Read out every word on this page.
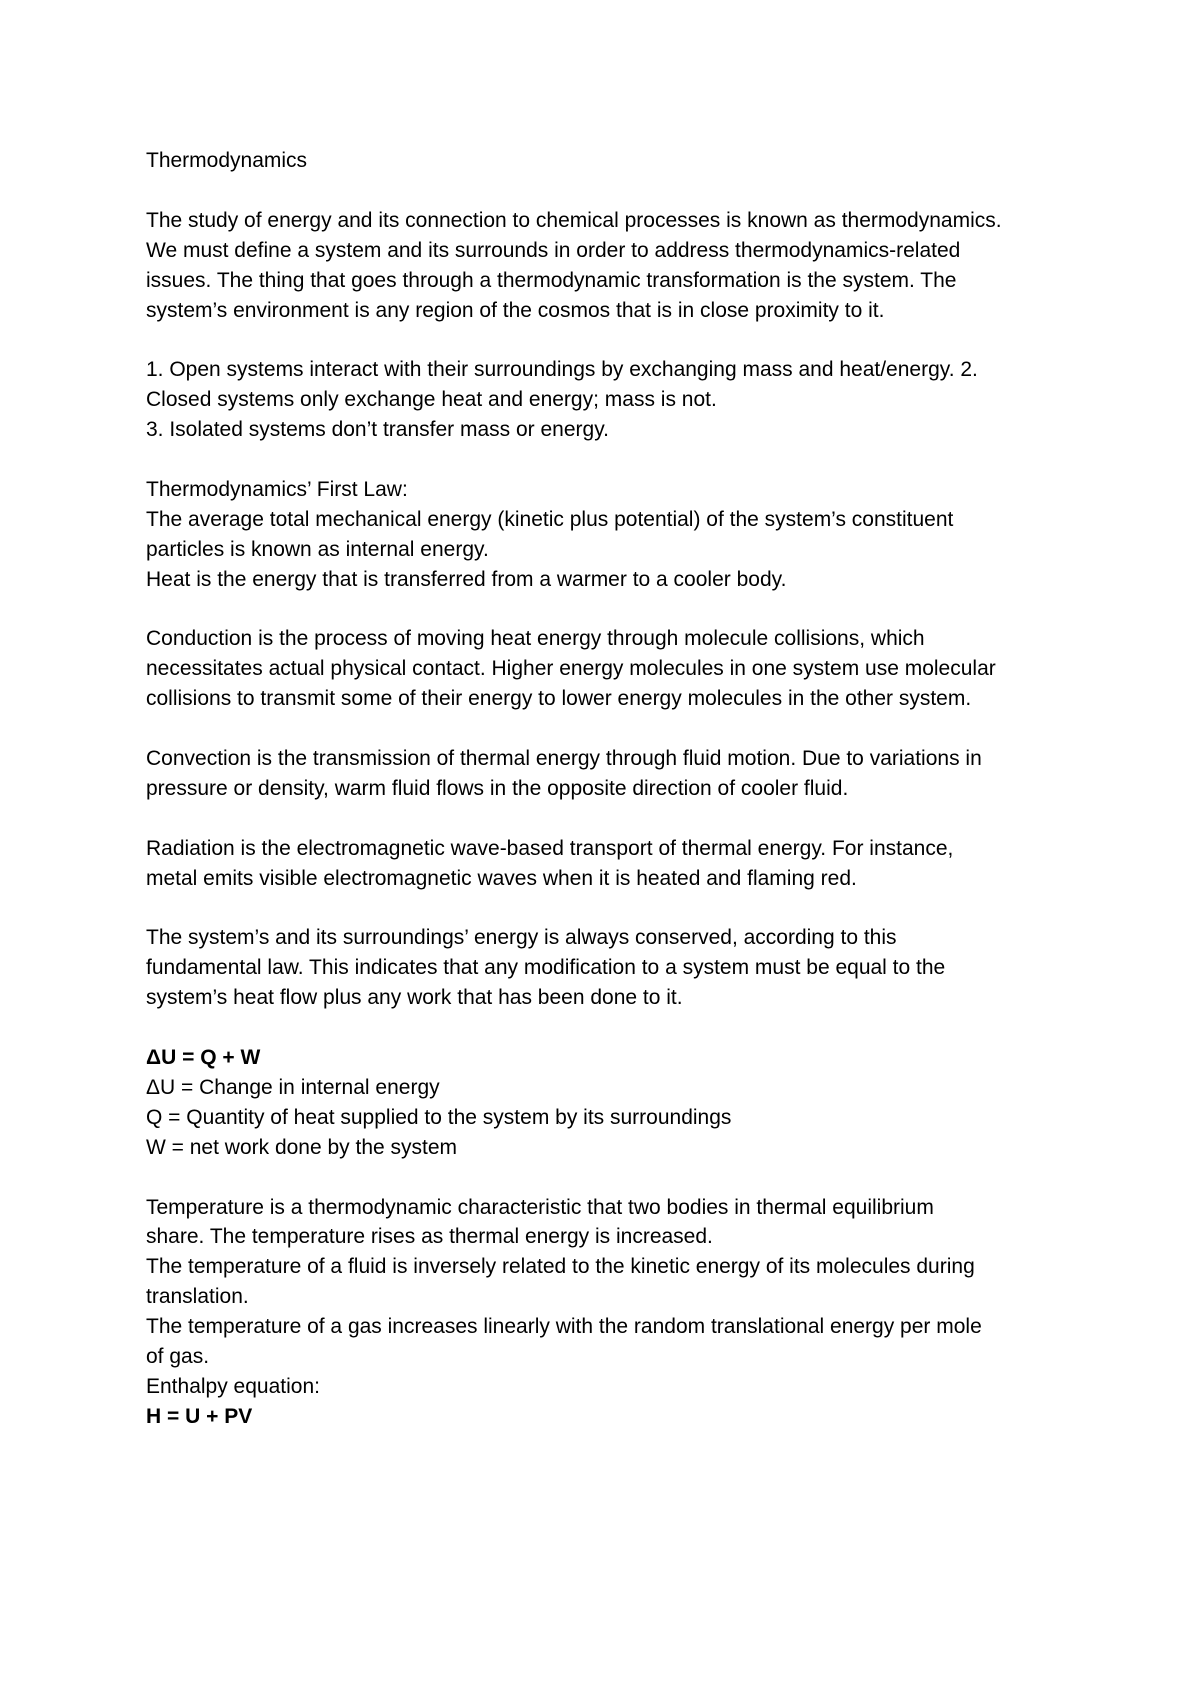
Thermodynamics
The study of energy and its connection to chemical processes is known as thermodynamics.
We must define a system and its surrounds in order to address thermodynamics-related
issues. The thing that goes through a thermodynamic transformation is the system. The
system’s environment is any region of the cosmos that is in close proximity to it.
1. Open systems interact with their surroundings by exchanging mass and heat/energy. 2.
Closed systems only exchange heat and energy; mass is not.
3. Isolated systems don’t transfer mass or energy.
Thermodynamics’ First Law:
The average total mechanical energy (kinetic plus potential) of the system’s constituent
particles is known as internal energy.
Heat is the energy that is transferred from a warmer to a cooler body.
Conduction is the process of moving heat energy through molecule collisions, which
necessitates actual physical contact. Higher energy molecules in one system use molecular
collisions to transmit some of their energy to lower energy molecules in the other system.
Convection is the transmission of thermal energy through fluid motion. Due to variations in
pressure or density, warm fluid flows in the opposite direction of cooler fluid.
Radiation is the electromagnetic wave-based transport of thermal energy. For instance,
metal emits visible electromagnetic waves when it is heated and flaming red.
The system’s and its surroundings’ energy is always conserved, according to this
fundamental law. This indicates that any modification to a system must be equal to the
system’s heat flow plus any work that has been done to it.
ΔU = Q + W
ΔU = Change in internal energy
Q = Quantity of heat supplied to the system by its surroundings
W = net work done by the system
Temperature is a thermodynamic characteristic that two bodies in thermal equilibrium
share. The temperature rises as thermal energy is increased.
The temperature of a fluid is inversely related to the kinetic energy of its molecules during
translation.
The temperature of a gas increases linearly with the random translational energy per mole
of gas.
Enthalpy equation:
H = U + PV
